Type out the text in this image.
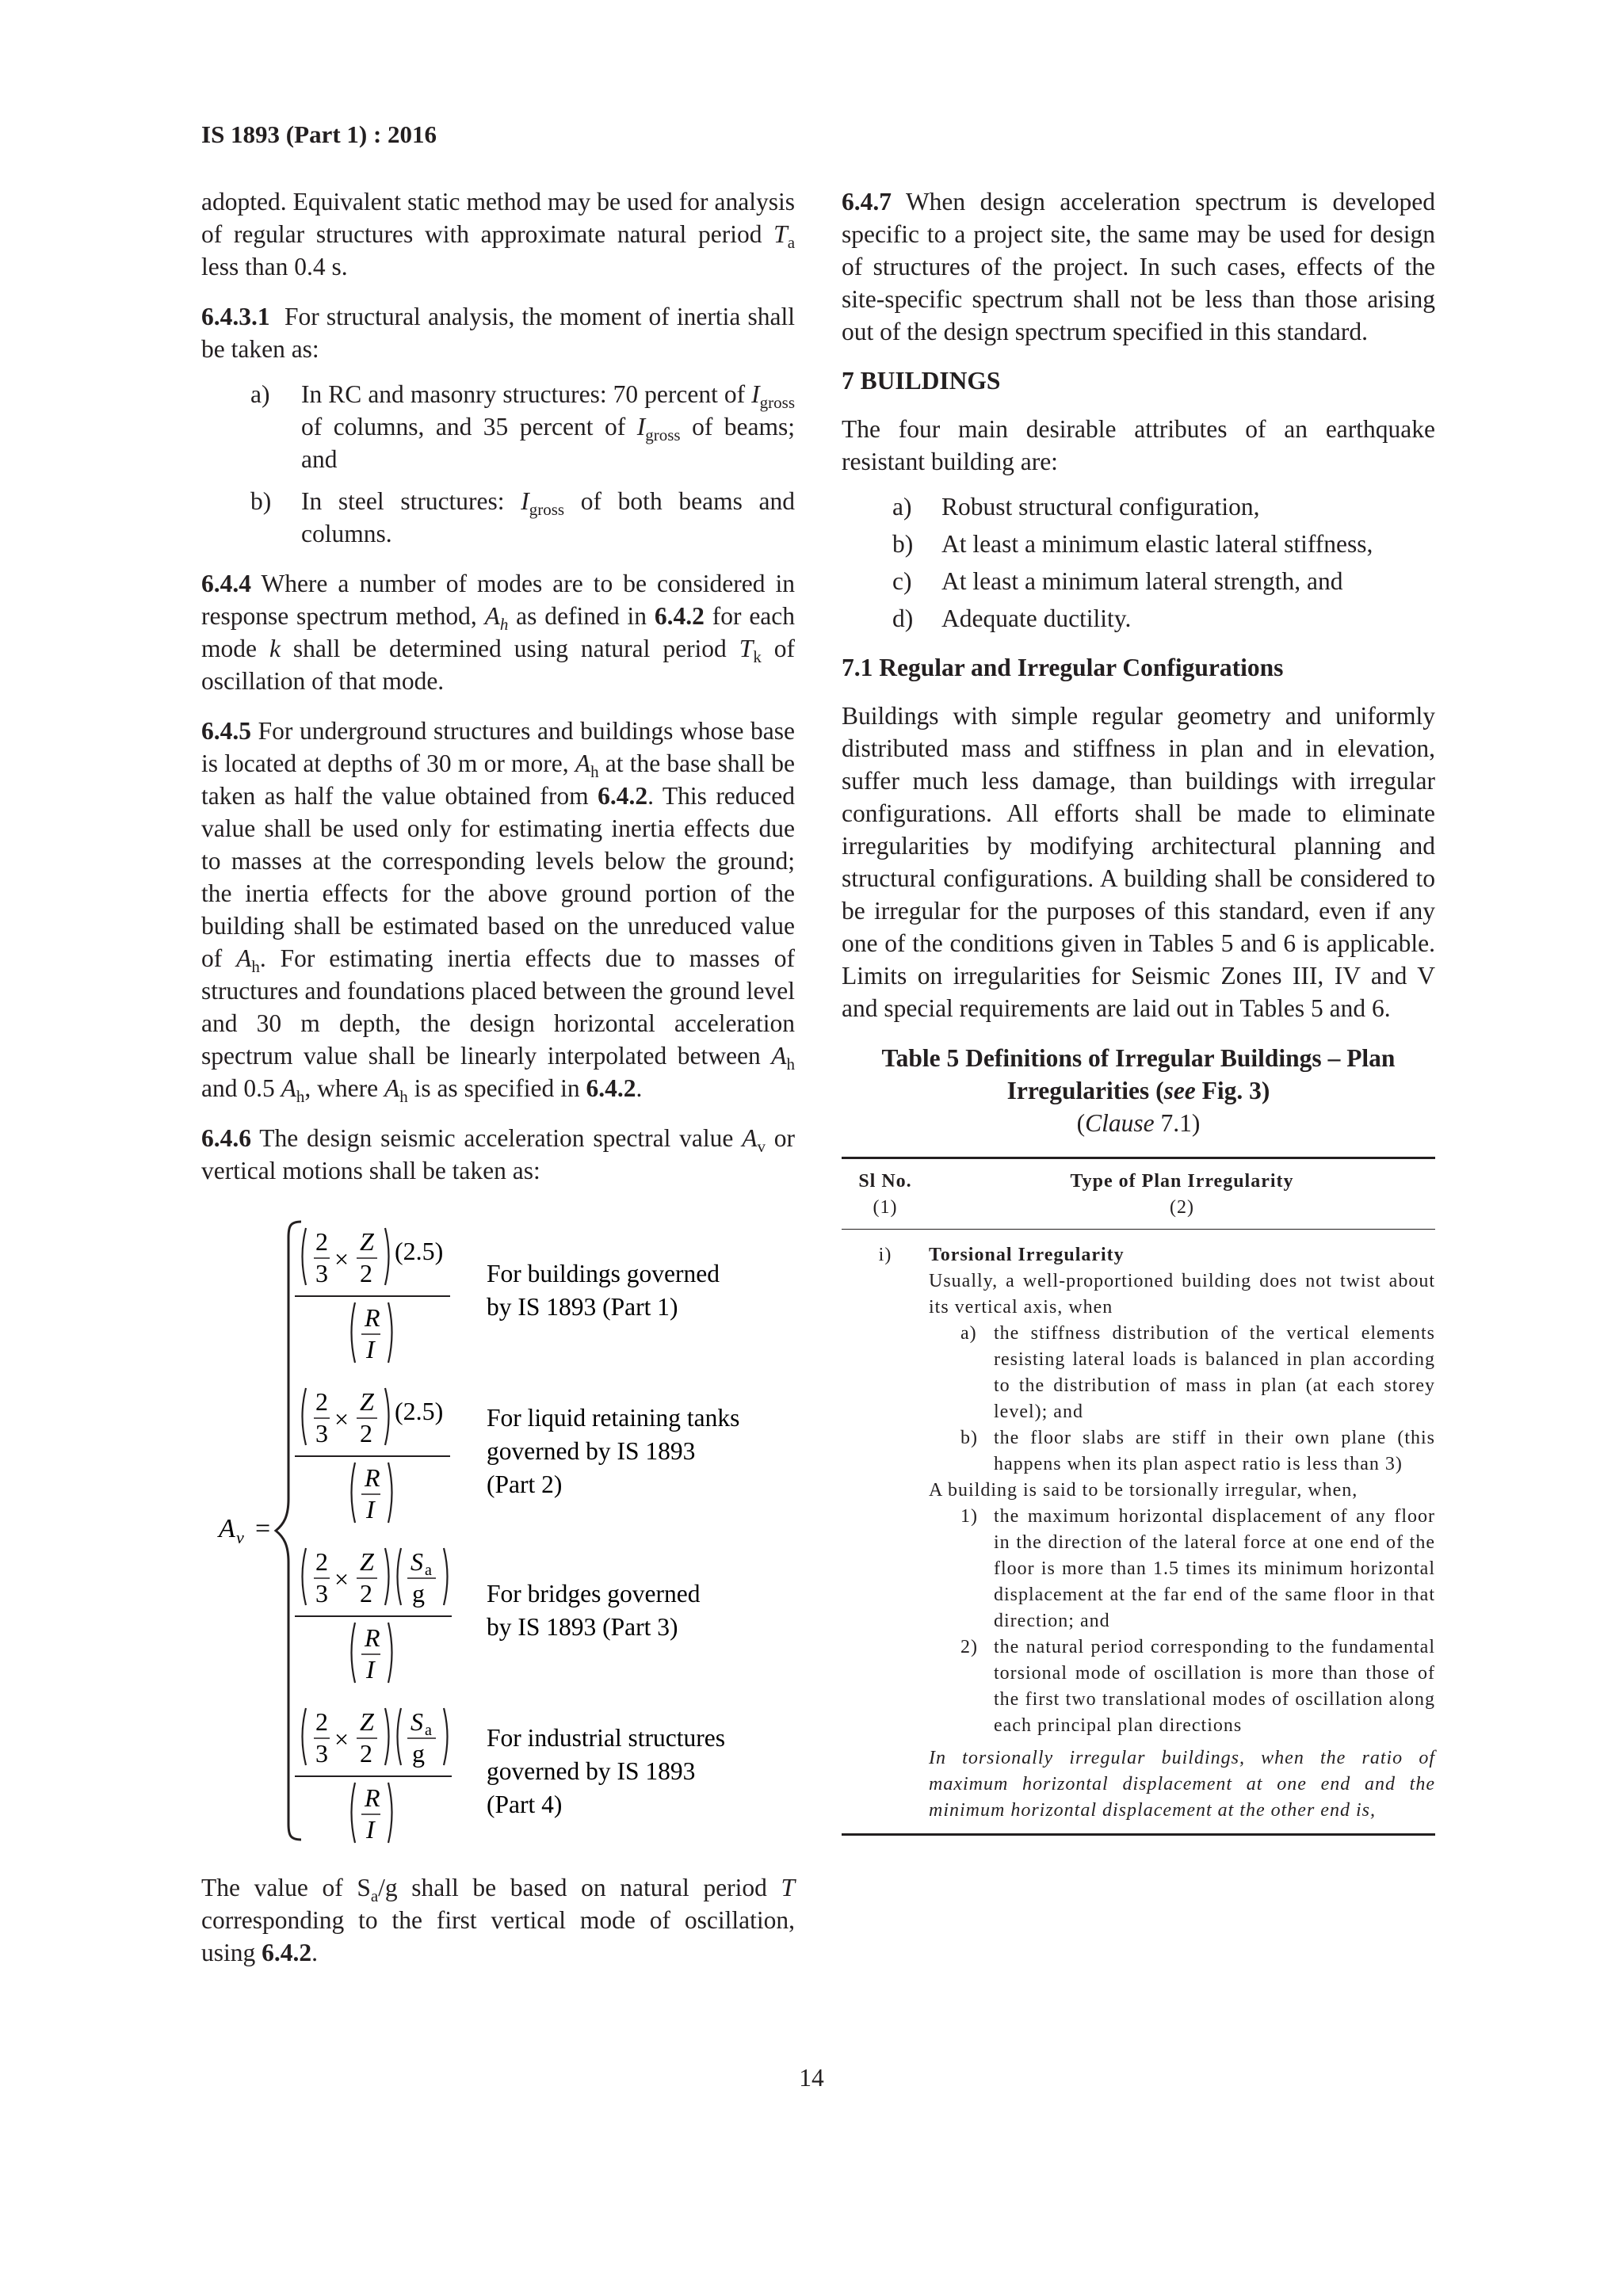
IS 1893 (Part 1) : 2016

adopted. Equivalent static method may be used for analysis of regular structures with approximate natural period $T_a$ less than 0.4 s.

6.4.3.1 For structural analysis, the moment of inertia shall be taken as:

a) In RC and masonry structures: 70 percent of $I_{gross}$ of columns, and 35 percent of $I_{gross}$ of beams; and
b) In steel structures: $I_{gross}$ of both beams and columns.

6.4.4 Where a number of modes are to be considered in response spectrum method, $A_h$ as defined in 6.4.2 for each mode k shall be determined using natural period $T_k$ of oscillation of that mode.

6.4.5 For underground structures and buildings whose base is located at depths of 30 m or more, $A_h$ at the base shall be taken as half the value obtained from 6.4.2. This reduced value shall be used only for estimating inertia effects due to masses at the corresponding levels below the ground; the inertia effects for the above ground portion of the building shall be estimated based on the unreduced value of $A_h$. For estimating inertia effects due to masses of structures and foundations placed between the ground level and 30 m depth, the design horizontal acceleration spectrum value shall be linearly interpolated between $A_h$ and 0.5 $A_h$, where $A_h$ is as specified in 6.4.2.

6.4.6 The design seismic acceleration spectral value $A_v$ or vertical motions shall be taken as:

A v =
2
3 ×
Z
2
(2.5)
R
I
For buildings governed
by IS 1893 (Part 1)
2
3 ×
Z
2
(2.5)
R
I
For liquid retaining tanks
governed by IS 1893
(Part 2)
2
3 ×
Z
2
S a
g
R
I
For bridges governed
by IS 1893 (Part 3)
2
3 ×
Z
2
S a
g
R
I
For industrial structures
governed by IS 1893
(Part 4)

The value of $S_a/g$ shall be based on natural period T corresponding to the first vertical mode of oscillation, using 6.4.2.

6.4.7 When design acceleration spectrum is developed specific to a project site, the same may be used for design of structures of the project. In such cases, effects of the site-specific spectrum shall not be less than those arising out of the design spectrum specified in this standard.

7 BUILDINGS

The four main desirable attributes of an earthquake resistant building are:

a) Robust structural configuration,
b) At least a minimum elastic lateral stiffness,
c) At least a minimum lateral strength, and
d) Adequate ductility.
7.1 Regular and Irregular Configurations

Buildings with simple regular geometry and uniformly distributed mass and stiffness in plan and in elevation, suffer much less damage, than buildings with irregular configurations. All efforts shall be made to eliminate irregularities by modifying architectural planning and structural configurations. A building shall be considered to be irregular for the purposes of this standard, even if any one of the conditions given in Tables 5 and 6 is applicable. Limits on irregularities for Seismic Zones III, IV and V and special requirements are laid out in Tables 5 and 6.

Table 5 Definitions of Irregular Buildings – Plan
Irregularities (see Fig. 3)
(Clause 7.1)
Sl No.
(1)
Type of Plan Irregularity
(2)
i)	Torsional Irregularity
Usually, a well-proportioned building does not twist about its vertical axis, when
a) the stiffness distribution of the vertical elements resisting lateral loads is balanced in plan according to the distribution of mass in plan (at each storey level); and
b) the floor slabs are stiff in their own plane (this happens when its plan aspect ratio is less than 3)
A building is said to be torsionally irregular, when,
1) the maximum horizontal displacement of any floor in the direction of the lateral force at one end of the floor is more than 1.5 times its minimum horizontal displacement at the far end of the same floor in that direction; and
2) the natural period corresponding to the fundamental torsional mode of oscillation is more than those of the first two translational modes of oscillation along each principal plan directions
In torsionally irregular buildings, when the ratio of maximum horizontal displacement at one end and the minimum horizontal displacement at the other end is,
14
